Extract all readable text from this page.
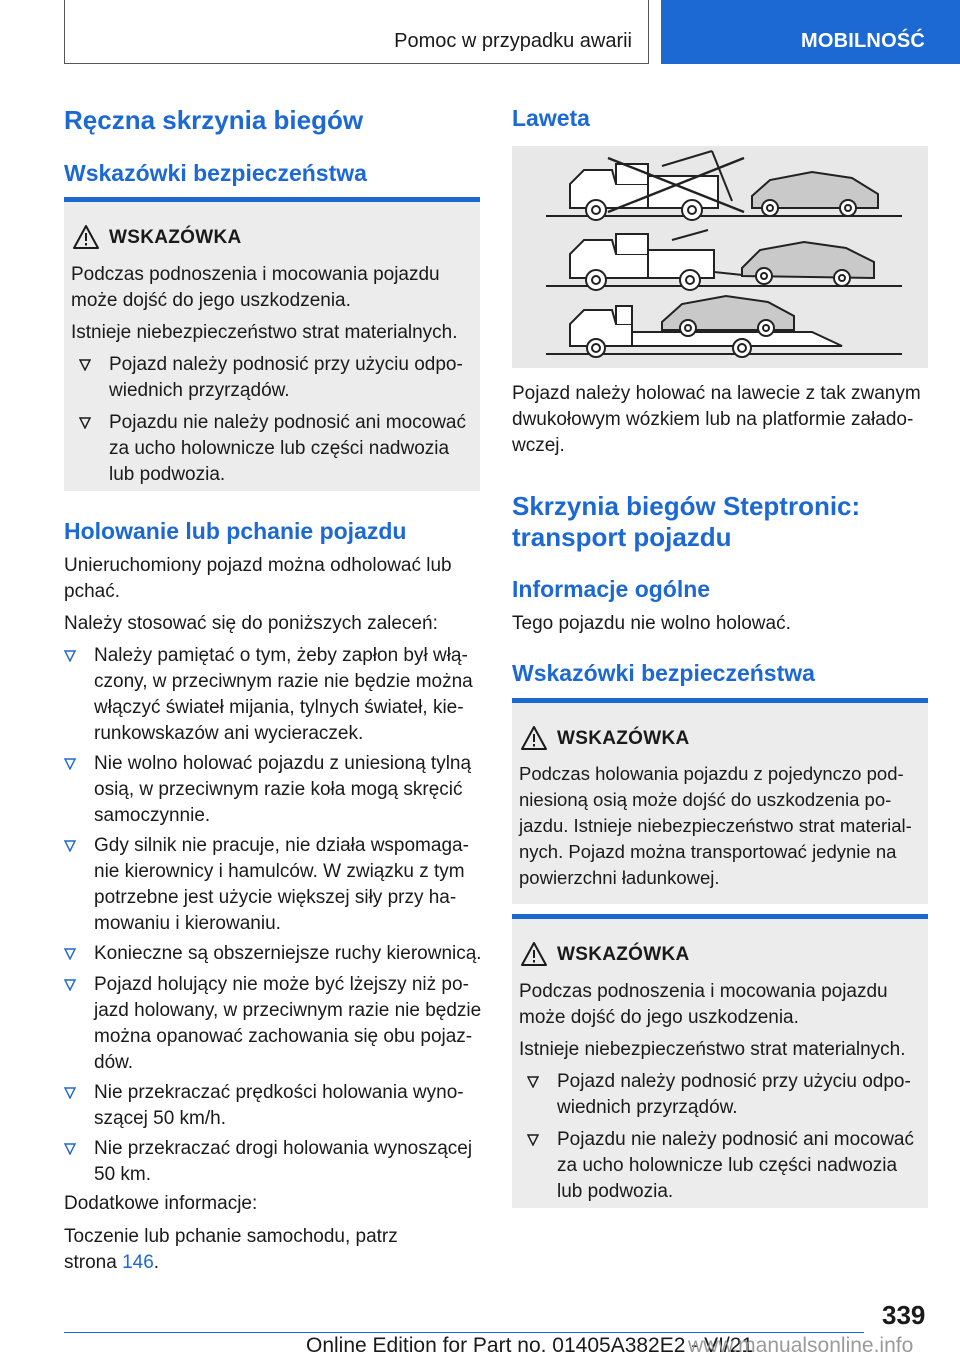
Pomoc w przypadku awarii	MOBILNOŚĆ
Ręczna skrzynia biegów
Wskazówki bezpieczeństwa
WSKAZÓWKA
Podczas podnoszenia i mocowania pojazdu
może dojść do jego uszkodzenia.
Istnieje niebezpieczeństwo strat materialnych.
Pojazd należy podnosić przy użyciu odpo-
wiednich przyrządów.
Pojazdu nie należy podnosić ani mocować
za ucho holownicze lub części nadwozia
lub podwozia.
Holowanie lub pchanie pojazdu
Unieruchomiony pojazd można odholować lub
pchać.
Należy stosować się do poniższych zaleceń:
Należy pamiętać o tym, żeby zapłon był włą-
czony, w przeciwnym razie nie będzie można
włączyć świateł mijania, tylnych świateł, kie-
runkowskazów ani wycieraczek.
Nie wolno holować pojazdu z uniesioną tylną
osią, w przeciwnym razie koła mogą skręcić
samoczynnie.
Gdy silnik nie pracuje, nie działa wspomaga-
nie kierownicy i hamulców. W związku z tym
potrzebne jest użycie większej siły przy ha-
mowaniu i kierowaniu.
Konieczne są obszerniejsze ruchy kierownicą.
Pojazd holujący nie może być lżejszy niż po-
jazd holowany, w przeciwnym razie nie będzie
można opanować zachowania się obu pojaz-
dów.
Nie przekraczać prędkości holowania wyno-
szącej 50 km/h.
Nie przekraczać drogi holowania wynoszącej
50 km.
Dodatkowe informacje:
Toczenie lub pchanie samochodu, patrz
strona 146.
Laweta
Pojazd należy holować na lawecie z tak zwanym
dwukołowym wózkiem lub na platformie załado-
wczej.
Skrzynia biegów Steptronic:
transport pojazdu
Informacje ogólne
Tego pojazdu nie wolno holować.
Wskazówki bezpieczeństwa
WSKAZÓWKA
Podczas holowania pojazdu z pojedynczo pod-
niesioną osią może dojść do uszkodzenia po-
jazdu. Istnieje niebezpieczeństwo strat material-
nych. Pojazd można transportować jedynie na
powierzchni ładunkowej.
WSKAZÓWKA
Podczas podnoszenia i mocowania pojazdu
może dojść do jego uszkodzenia.
Istnieje niebezpieczeństwo strat materialnych.
Pojazd należy podnosić przy użyciu odpo-
wiednich przyrządów.
Pojazdu nie należy podnosić ani mocować
za ucho holownicze lub części nadwozia
lub podwozia.
339
Online Edition for Part no. 01405A382E2 - VI/21
www.manualsonline.info
